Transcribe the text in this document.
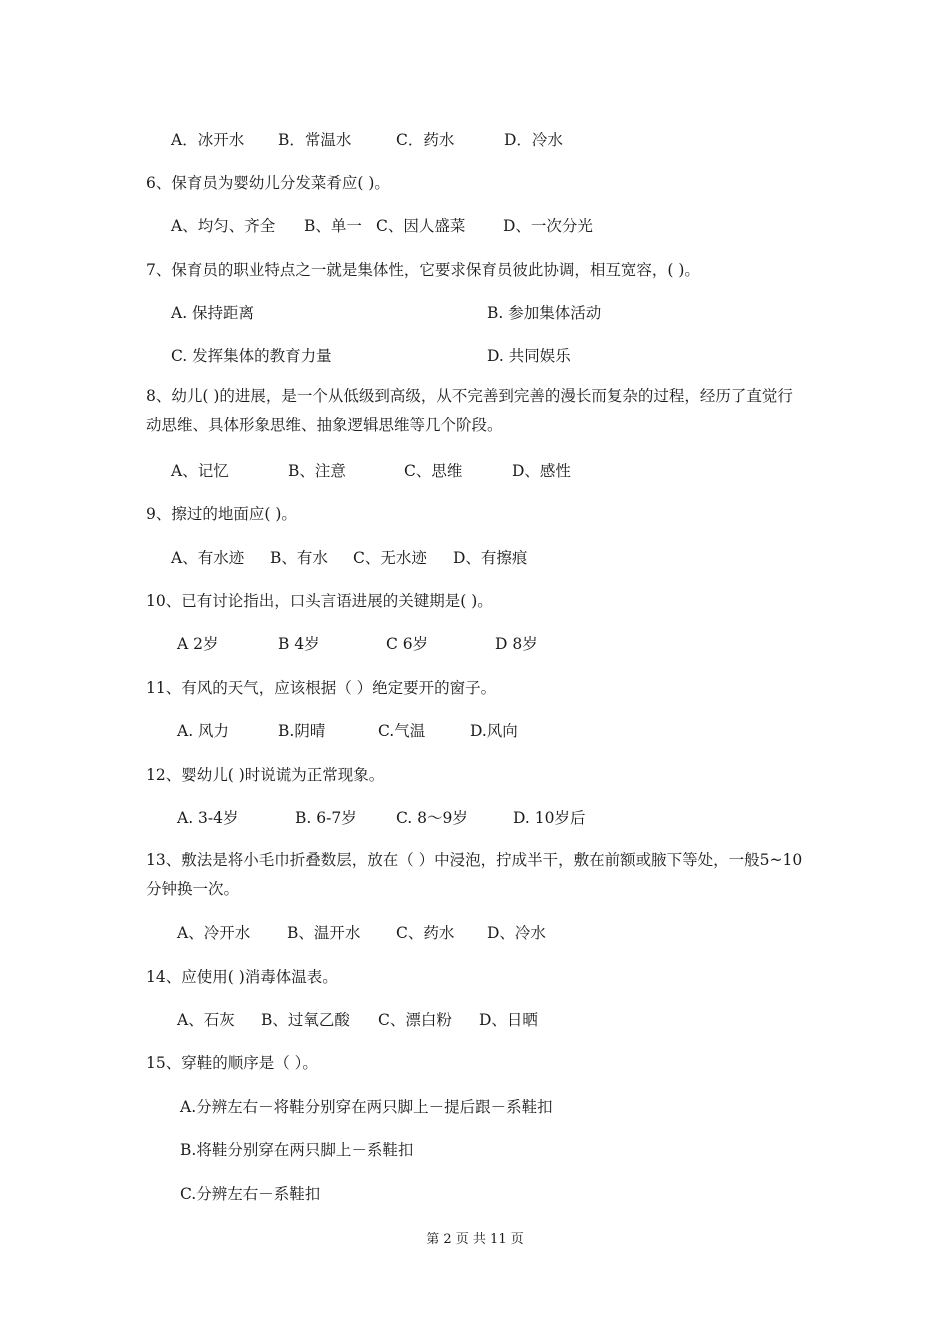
A．冰开水 B．常温水	C．药水	D．冷水
6、保育员为婴幼儿分发菜肴应( )。
A、均匀、齐全 B、单一 C、因人盛菜 D、一次分光
7、保育员的职业特点之一就是集体性，它要求保育员彼此协调，相互宽容，( )。
A. 保持距离	B. 参加集体活动
C. 发挥集体的教育力量	D. 共同娱乐
8、幼儿( )的进展，是一个从低级到高级，从不完善到完善的漫长而复杂的过程，经历了直觉行动思维、具体形象思维、抽象逻辑思维等几个阶段。
A、记忆	B、注意	C、思维	D、感性
9、擦过的地面应( )。
A、有水迹 B、有水 C、无水迹 D、有擦痕
10、已有讨论指出，口头言语进展的关键期是( )。
A 2岁	B 4岁	C 6岁	D 8岁
11、有风的天气，应该根据（ ）绝定要开的窗子。
A. 风力	B.阴晴	C.气温	D.风向
12、婴幼儿( )时说谎为正常现象。
A. 3-4岁	B. 6-7岁	C. 8～9岁	D. 10岁后
13、敷法是将小毛巾折叠数层，放在（ ）中浸泡，拧成半干，敷在前额或腋下等处，一般5~10分钟换一次。
A、冷开水 B、温开水 C、药水 D、冷水
14、应使用( )消毒体温表。
A、石灰 B、过氧乙酸 C、漂白粉 D、日晒
15、穿鞋的顺序是（ ）。
A.分辨左右－将鞋分别穿在两只脚上－提后跟－系鞋扣
B.将鞋分别穿在两只脚上－系鞋扣
C.分辨左右－系鞋扣
第 2 页 共 11 页
